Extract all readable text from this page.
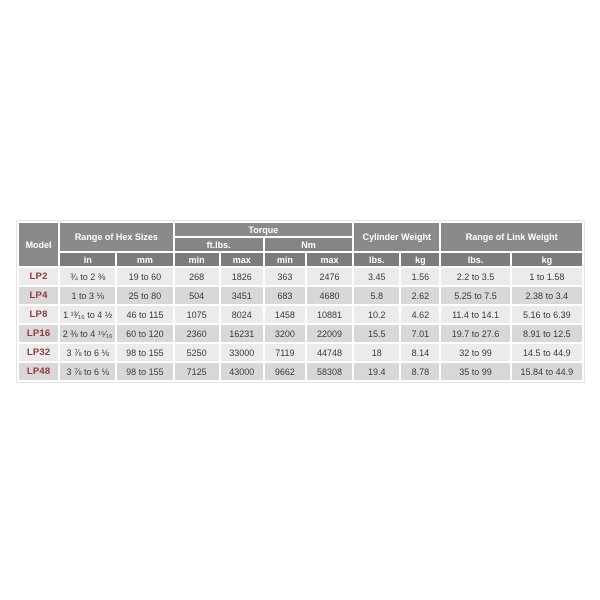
Model	Range of Hex Sizes		Torque				Cylinder Weight		Range of Link Weight	
			ft.lbs.		Nm					
	in	mm	min	max	min	max	lbs.	kg	lbs.	kg
LP2	¾ to 2 ⅜	19 to 60	268	1826	363	2476	3.45	1.56	2.2 to 3.5	1 to 1.58
LP4	1 to 3 ⅛	25 to 80	504	3451	683	4680	5.8	2.62	5.25 to 7.5	2.38 to 3.4
LP8	1 ¹³⁄₁₆ to 4 ½	46 to 115	1075	8024	1458	10881	10.2	4.62	11.4 to 14.1	5.16 to 6.39
LP16	2 ⅜ to 4 ¹⁵⁄₁₆	60 to 120	2360	16231	3200	22009	15.5	7.01	19.7 to 27.6	8.91 to 12.5
LP32	3 ⅞ to 6 ⅛	98 to 155	5250	33000	7119	44748	18	8.14	32 to 99	14.5 to 44.9
LP48	3 ⅞ to 6 ⅛	98 to 155	7125	43000	9662	58308	19.4	8.78	35 to 99	15.84 to 44.9
